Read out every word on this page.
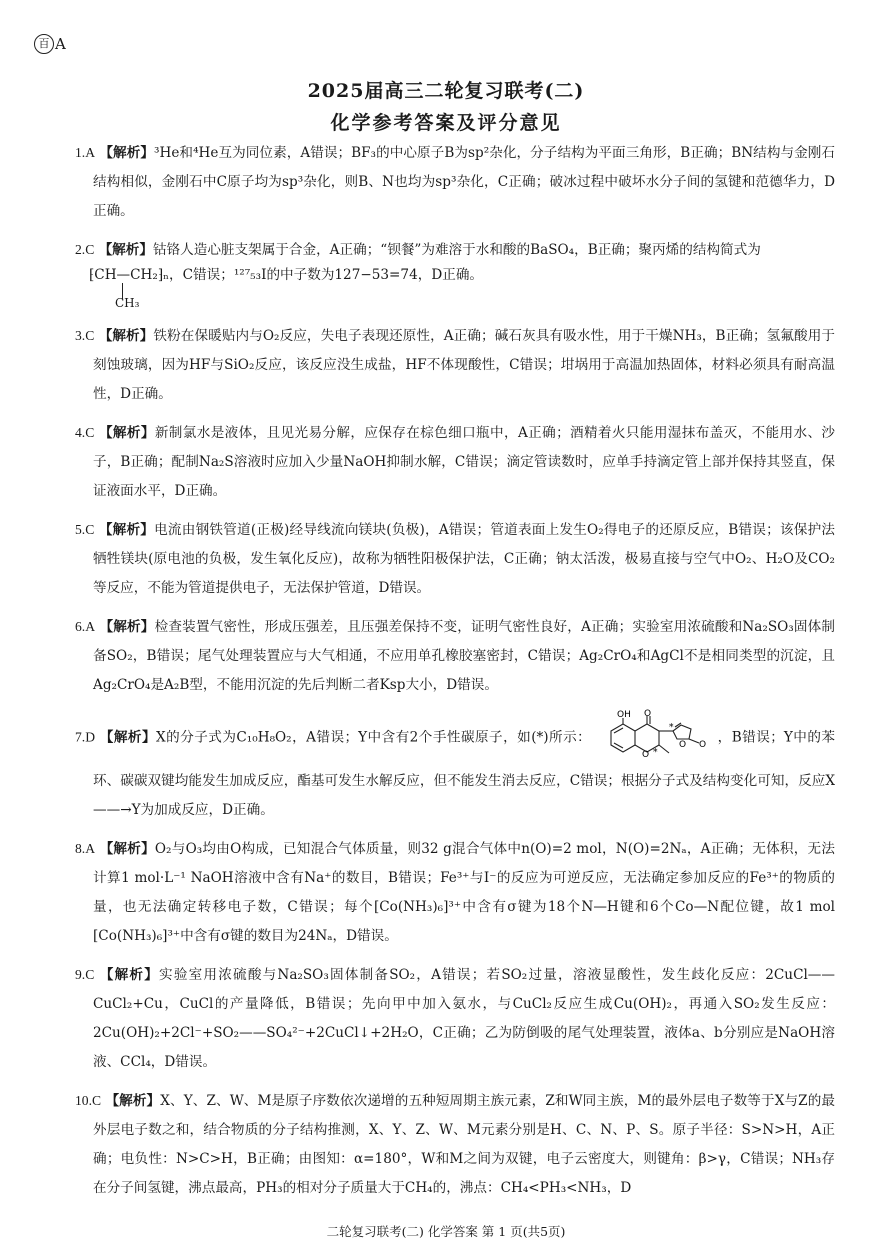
百 A
2025届高三二轮复习联考(二)
化学参考答案及评分意见

1.A 【解析】³He和⁴He互为同位素，A错误；BF₃的中心原子B为sp²杂化，分子结构为平面三角形，B正确；BN结构与金刚石结构相似，金刚石中C原子均为sp³杂化，则B、N也均为sp³杂化，C正确；破冰过程中破坏水分子间的氢键和范德华力，D正确。

2.C 【解析】钴铬人造心脏支架属于合金，A正确；“钡餐”为难溶于水和酸的BaSO₄，B正确；聚丙烯的结构简式为

⁅CH—CH₂⁆ₙ，C错误；¹²⁷₅₃I的中子数为127−53=74，D正确。
CH₃

3.C 【解析】铁粉在保暖贴内与O₂反应，失电子表现还原性，A正确；碱石灰具有吸水性，用于干燥NH₃，B正确；氢氟酸用于刻蚀玻璃，因为HF与SiO₂反应，该反应没生成盐，HF不体现酸性，C错误；坩埚用于高温加热固体，材料必须具有耐高温性，D正确。

4.C 【解析】新制氯水是液体，且见光易分解，应保存在棕色细口瓶中，A正确；酒精着火只能用湿抹布盖灭，不能用水、沙子，B正确；配制Na₂S溶液时应加入少量NaOH抑制水解，C错误；滴定管读数时，应单手持滴定管上部并保持其竖直，保证液面水平，D正确。

5.C 【解析】电流由钢铁管道(正极)经导线流向镁块(负极)，A错误；管道表面上发生O₂得电子的还原反应，B错误；该保护法牺牲镁块(原电池的负极，发生氧化反应)，故称为牺牲阳极保护法，C正确；钠太活泼，极易直接与空气中O₂、H₂O及CO₂等反应，不能为管道提供电子，无法保护管道，D错误。

6.A 【解析】检查装置气密性，形成压强差，且压强差保持不变，证明气密性良好，A正确；实验室用浓硫酸和Na₂SO₃固体制备SO₂，B错误；尾气处理装置应与大气相通，不应用单孔橡胶塞密封，C错误；Ag₂CrO₄和AgCl不是相同类型的沉淀，且Ag₂CrO₄是A₂B型，不能用沉淀的先后判断二者Ksp大小，D错误。

7.D 【解析】X的分子式为C₁₀H₈O₂，A错误；Y中含有2个手性碳原子，如(*)所示：
OH O
O
O O
*
*
，B错误；Y中的苯环、碳碳双键均能发生加成反应，酯基可发生水解反应，但不能发生消去反应，C错误；根据分子式及结构变化可知，反应X——→Y为加成反应，D正确。

8.A 【解析】O₂与O₃均由O构成，已知混合气体质量，则32 g混合气体中n(O)=2 mol，N(O)=2Nₐ，A正确；无体积，无法计算1 mol·L⁻¹ NaOH溶液中含有Na⁺的数目，B错误；Fe³⁺与I⁻的反应为可逆反应，无法确定参加反应的Fe³⁺的物质的量，也无法确定转移电子数，C错误；每个[Co(NH₃)₆]³⁺中含有σ键为18个N—H键和6个Co—N配位键，故1 mol [Co(NH₃)₆]³⁺中含有σ键的数目为24Nₐ，D错误。

9.C 【解析】实验室用浓硫酸与Na₂SO₃固体制备SO₂，A错误；若SO₂过量，溶液显酸性，发生歧化反应：2CuCl——CuCl₂+Cu，CuCl的产量降低，B错误；先向甲中加入氨水，与CuCl₂反应生成Cu(OH)₂，再通入SO₂发生反应：2Cu(OH)₂+2Cl⁻+SO₂——SO₄²⁻+2CuCl↓+2H₂O，C正确；乙为防倒吸的尾气处理装置，液体a、b分别应是NaOH溶液、CCl₄，D错误。

10.C 【解析】X、Y、Z、W、M是原子序数依次递增的五种短周期主族元素，Z和W同主族，M的最外层电子数等于X与Z的最外层电子数之和，结合物质的分子结构推测，X、Y、Z、W、M元素分别是H、C、N、P、S。原子半径：S>N>H，A正确；电负性：N>C>H，B正确；由图知：α=180°，W和M之间为双键，电子云密度大，则键角：β>γ，C错误；NH₃存在分子间氢键，沸点最高，PH₃的相对分子质量大于CH₄的，沸点：CH₄<PH₃<NH₃，D

二轮复习联考(二) 化学答案 第 1 页(共5页)
